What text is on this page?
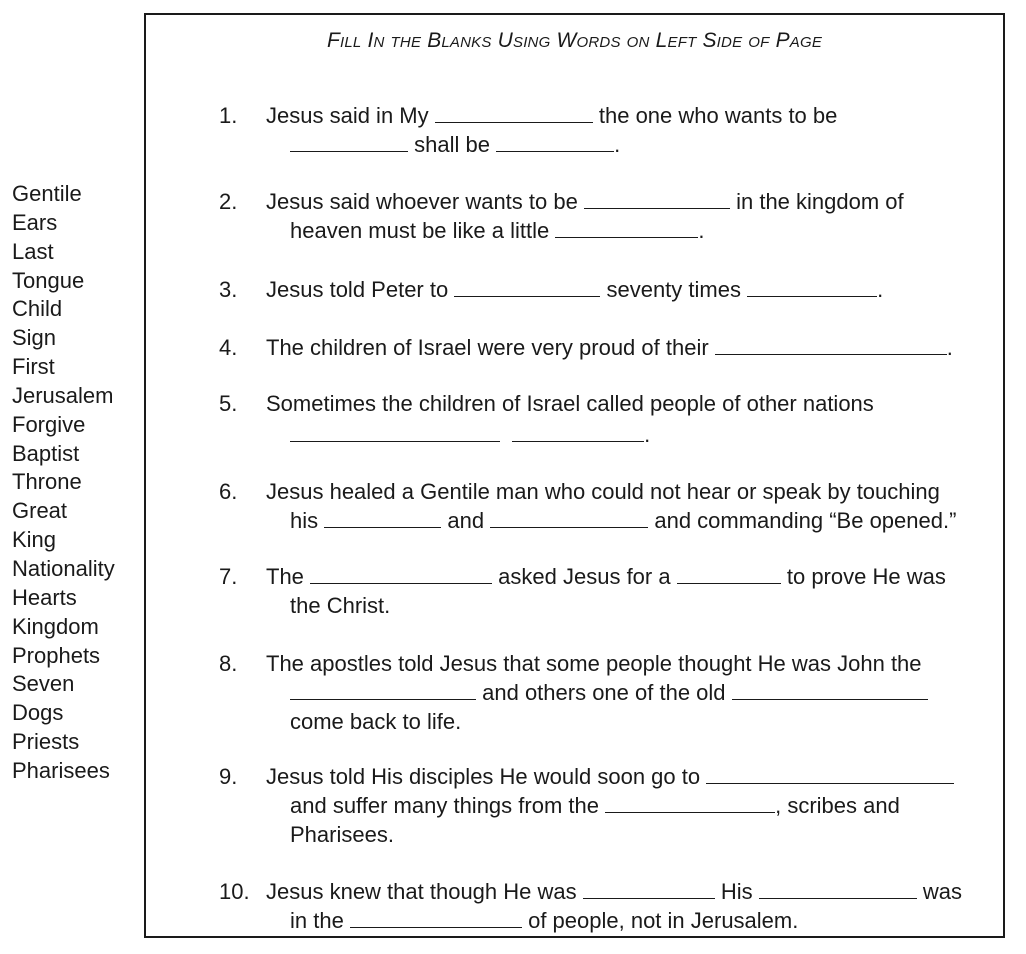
Gentile
Ears
Last
Tongue
Child
Sign
First
Jerusalem
Forgive
Baptist
Throne
Great
King
Nationality
Hearts
Kingdom
Prophets
Seven
Dogs
Priests
Pharisees
Fill In the Blanks Using Words on Left Side of Page
1. Jesus said in My	the one who wants to be
shall be	.
2. Jesus said whoever wants to be	in the kingdom of
heaven must be like a little	.
3. Jesus told Peter to	seventy times	.
4. The children of Israel were very proud of their	.
5. Sometimes the children of Israel called people of other nations
.
6. Jesus healed a Gentile man who could not hear or speak by touching
his	and	and commanding “Be opened.”
7. The	asked Jesus for a	to prove He was
the Christ.
8. The apostles told Jesus that some people thought He was John the
and others one of the old
come back to life.
9. Jesus told His disciples He would soon go to
and suffer many things from the	, scribes and
Pharisees.
10. Jesus knew that though He was	His	was
in the	of people, not in Jerusalem.
